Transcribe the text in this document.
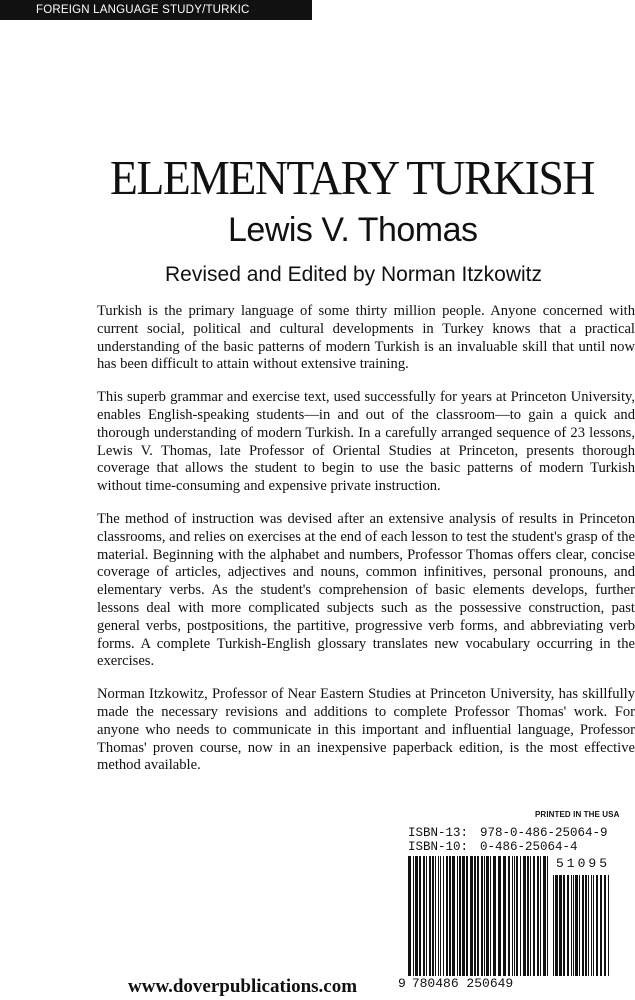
FOREIGN LANGUAGE STUDY/TURKIC LANGUAGES
ELEMENTARY TURKISH
Lewis V. Thomas
Revised and Edited by Norman Itzkowitz

Turkish is the primary language of some thirty million people. Anyone concerned with current social, political and cultural developments in Turkey knows that a practical understanding of the basic patterns of modern Turkish is an invaluable skill that until now has been difficult to attain without extensive training.

This superb grammar and exercise text, used successfully for years at Princeton University, enables English-speaking students—in and out of the classroom—to gain a quick and thorough understanding of modern Turkish. In a carefully arranged sequence of 23 lessons, Lewis V. Thomas, late Professor of Oriental Studies at Princeton, presents thorough coverage that allows the student to begin to use the basic patterns of modern Turkish without time-consuming and expensive private instruction.

The method of instruction was devised after an extensive analysis of results in Princeton classrooms, and relies on exercises at the end of each lesson to test the student's grasp of the material. Beginning with the alphabet and numbers, Professor Thomas offers clear, concise coverage of articles, adjectives and nouns, common infinitives, personal pronouns, and elementary verbs. As the student's comprehension of basic elements develops, further lessons deal with more complicated subjects such as the possessive construction, past general verbs, postpositions, the partitive, progressive verb forms, and abbreviating verb forms. A complete Turkish-English glossary translates new vocabulary occurring in the exercises.

Norman Itzkowitz, Professor of Near Eastern Studies at Princeton University, has skillfully made the necessary revisions and additions to complete Professor Thomas' work. For anyone who needs to communicate in this important and influential language, Professor Thomas' proven course, now in an inexpensive paperback edition, is the most effective method available.

PRINTED IN THE USA
ISBN-13: 978-0-486-25064-9
ISBN-10: 0-486-25064-4
51095
9 780486 250649
www.doverpublications.com
